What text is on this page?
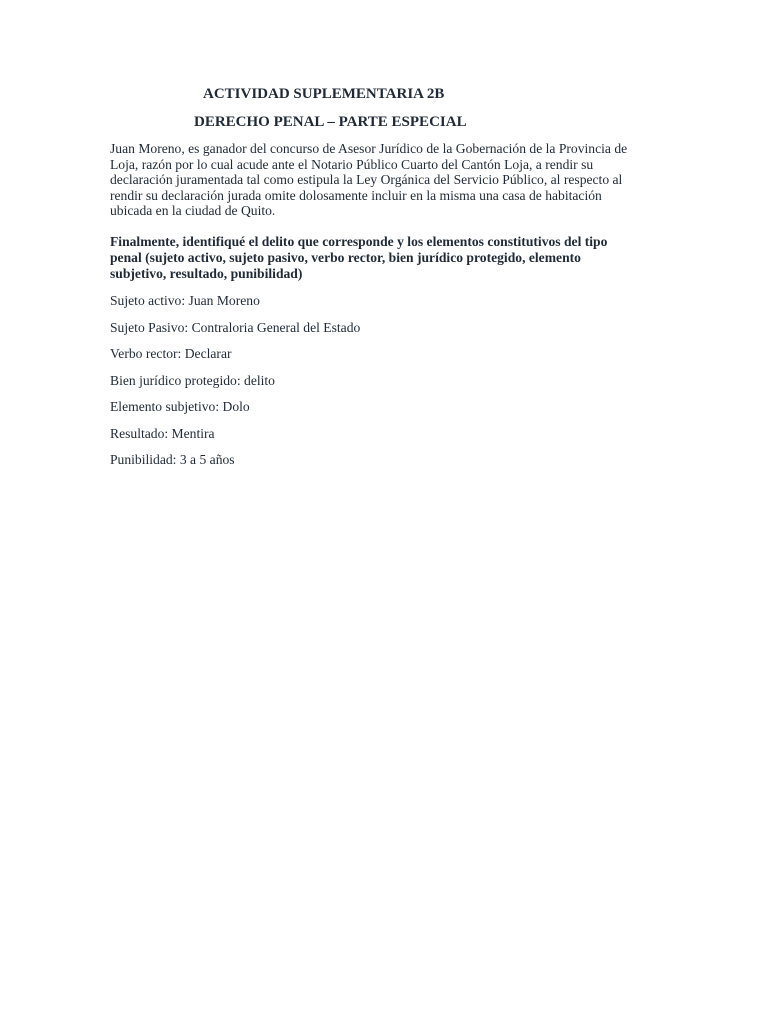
ACTIVIDAD SUPLEMENTARIA 2B
DERECHO PENAL – PARTE ESPECIAL

Juan Moreno, es ganador del concurso de Asesor Jurídico de la Gobernación de la Provincia de
Loja, razón por lo cual acude ante el Notario Público Cuarto del Cantón Loja, a rendir su
declaración juramentada tal como estipula la Ley Orgánica del Servicio Público, al respecto al
rendir su declaración jurada omite dolosamente incluir en la misma una casa de habitación
ubicada en la ciudad de Quito.

Finalmente, identifiqué el delito que corresponde y los elementos constitutivos del tipo
penal (sujeto activo, sujeto pasivo, verbo rector, bien jurídico protegido, elemento
subjetivo, resultado, punibilidad)

Sujeto activo: Juan Moreno
Sujeto Pasivo: Contraloria General del Estado
Verbo rector: Declarar
Bien jurídico protegido: delito
Elemento subjetivo: Dolo
Resultado: Mentira
Punibilidad: 3 a 5 años
